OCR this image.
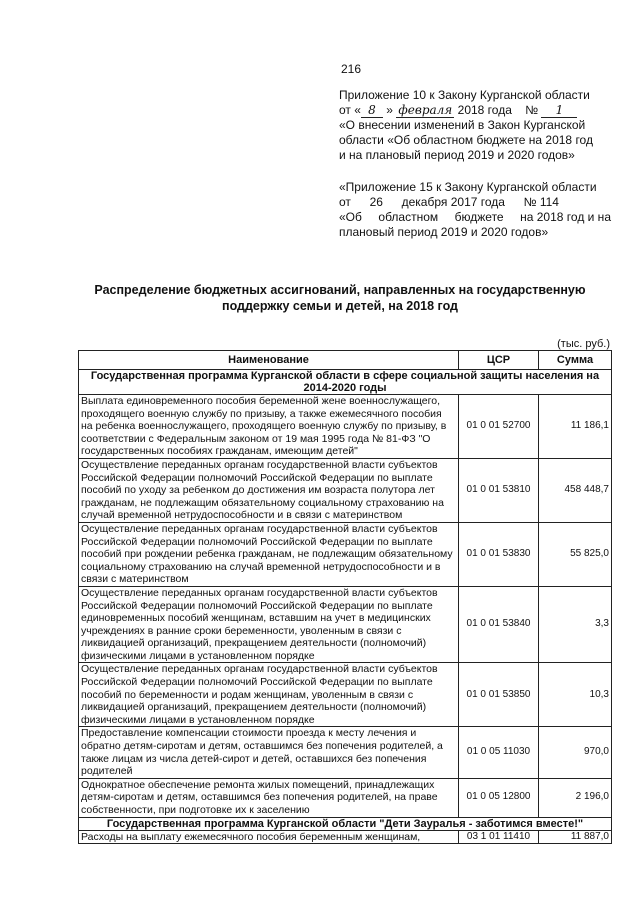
216
Приложение 10 к Закону Курганской области
от « 8 » февраля 2018 года № 1
«О внесении изменений в Закон Курганской
области «Об областном бюджете на 2018 год
и на плановый период 2019 и 2020 годов»
«Приложение 15 к Закону Курганской области
от 26 декабря 2017 года № 114
«Об областном бюджете на 2018 год и на
плановый период 2019 и 2020 годов»
Распределение бюджетных ассигнований, направленных на государственную
поддержку семьи и детей, на 2018 год
(тыс. руб.)
Наименование	ЦСР	Сумма
Государственная программа Курганской области в сфере социальной защиты населения на 2014-2020 годы		
Выплата единовременного пособия беременной жене военнослужащего, проходящего военную службу по призыву, а также ежемесячного пособия на ребенка военнослужащего, проходящего военную службу по призыву, в соответствии с Федеральным законом от 19 мая 1995 года № 81-ФЗ "О государственных пособиях гражданам, имеющим детей"	01 0 01 52700	11 186,1
Осуществление переданных органам государственной власти субъектов Российской Федерации полномочий Российской Федерации по выплате пособий по уходу за ребенком до достижения им возраста полутора лет гражданам, не подлежащим обязательному социальному страхованию на случай временной нетрудоспособности и в связи с материнством	01 0 01 53810	458 448,7
Осуществление переданных органам государственной власти субъектов Российской Федерации полномочий Российской Федерации по выплате пособий при рождении ребенка гражданам, не подлежащим обязательному социальному страхованию на случай временной нетрудоспособности и в связи с материнством	01 0 01 53830	55 825,0
Осуществление переданных органам государственной власти субъектов Российской Федерации полномочий Российской Федерации по выплате единовременных пособий женщинам, вставшим на учет в медицинских учреждениях в ранние сроки беременности, уволенным в связи с ликвидацией организаций, прекращением деятельности (полномочий) физическими лицами в установленном порядке	01 0 01 53840	3,3
Осуществление переданных органам государственной власти субъектов Российской Федерации полномочий Российской Федерации по выплате пособий по беременности и родам женщинам, уволенным в связи с ликвидацией организаций, прекращением деятельности (полномочий) физическими лицами в установленном порядке	01 0 01 53850	10,3
Предоставление компенсации стоимости проезда к месту лечения и обратно детям-сиротам и детям, оставшимся без попечения родителей, а также лицам из числа детей-сирот и детей, оставшихся без попечения родителей	01 0 05 11030	970,0
Однократное обеспечение ремонта жилых помещений, принадлежащих детям-сиротам и детям, оставшимся без попечения родителей, на праве собственности, при подготовке их к заселению	01 0 05 12800	2 196,0
Государственная программа Курганской области "Дети Зауралья - заботимся вместе!"		
Расходы на выплату ежемесячного пособия беременным женщинам,	03 1 01 11410	11 887,0
